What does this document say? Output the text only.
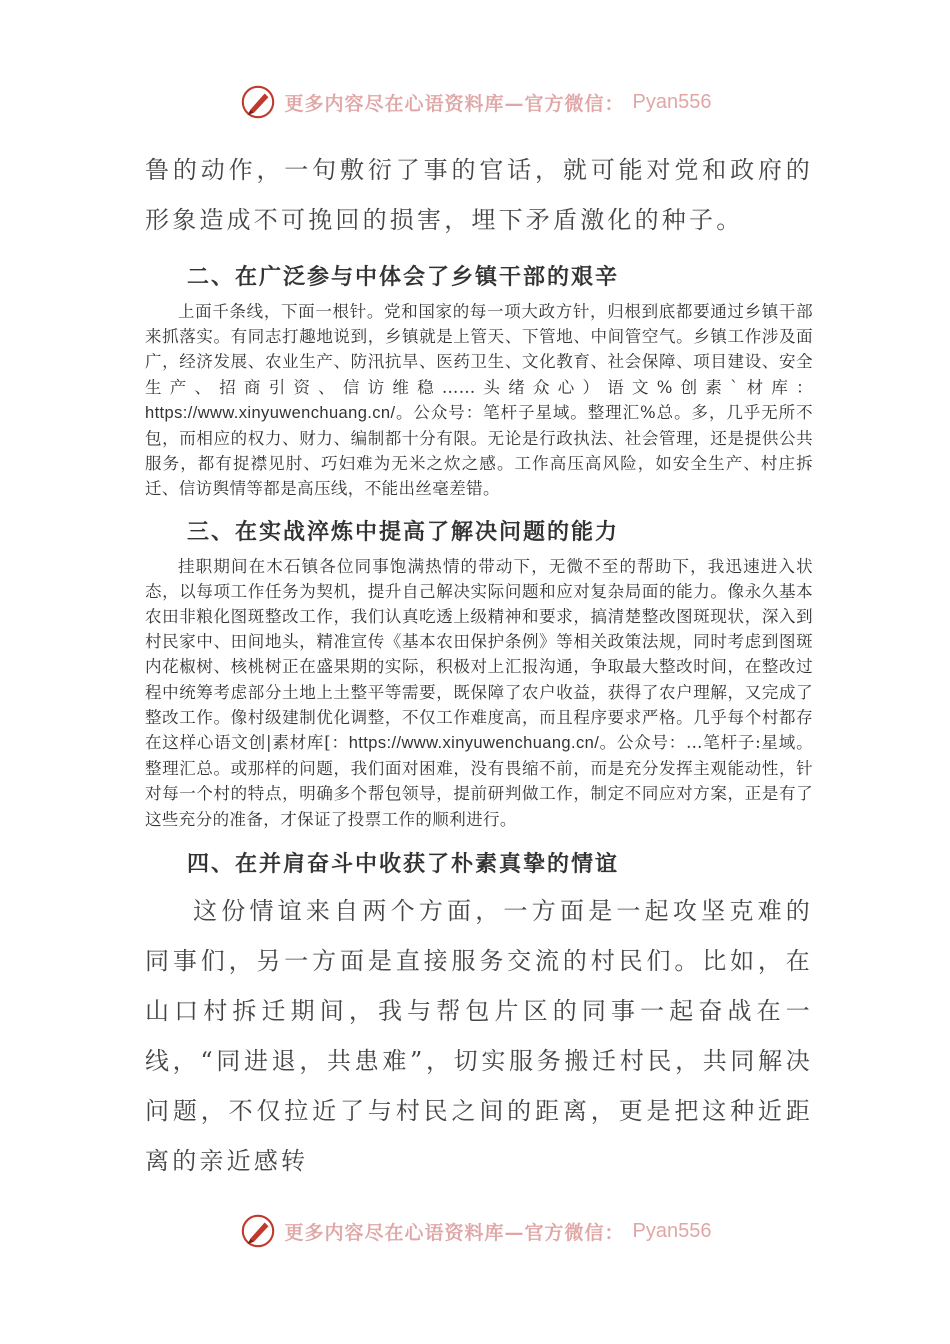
更多内容尽在心语资料库—官方微信： Pyan556

鲁的动作，一句敷衍了事的官话，就可能对党和政府的形象造成不可挽回的损害，埋下矛盾激化的种子。

二、在广泛参与中体会了乡镇干部的艰辛

上面千条线，下面一根针。党和国家的每一项大政方针，归根到底都要通过乡镇干部来抓落实。有同志打趣地说到，乡镇就是上管天、下管地、中间管空气。乡镇工作涉及面广，经济发展、农业生产、防汛抗旱、医药卫生、文化教育、社会保障、项目建设、安全生产、招商引资、信访维稳……头绪众心）语文%创素`材库：https://www.xinyuwenchuang.cn/。公众号：笔杆子星域。整理汇%总。多，几乎无所不包，而相应的权力、财力、编制都十分有限。无论是行政执法、社会管理，还是提供公共服务，都有捉襟见肘、巧妇难为无米之炊之感。工作高压高风险，如安全生产、村庄拆迁、信访舆情等都是高压线，不能出丝毫差错。

三、在实战淬炼中提高了解决问题的能力

挂职期间在木石镇各位同事饱满热情的带动下，无微不至的帮助下，我迅速进入状态，以每项工作任务为契机，提升自己解决实际问题和应对复杂局面的能力。像永久基本农田非粮化图斑整改工作，我们认真吃透上级精神和要求，搞清楚整改图斑现状，深入到村民家中、田间地头，精准宣传《基本农田保护条例》等相关政策法规，同时考虑到图斑内花椒树、核桃树正在盛果期的实际，积极对上汇报沟通，争取最大整改时间，在整改过程中统筹考虑部分土地上土整平等需要，既保障了农户收益，获得了农户理解，又完成了整改工作。像村级建制优化调整，不仅工作难度高，而且程序要求严格。几乎每个村都存在这样心语文创|素材库[：https://www.xinyuwenchuang.cn/。公众号：…笔杆子:星域。整理汇总。或那样的问题，我们面对困难，没有畏缩不前，而是充分发挥主观能动性，针对每一个村的特点，明确多个帮包领导，提前研判做工作，制定不同应对方案，正是有了这些充分的准备，才保证了投票工作的顺利进行。

四、在并肩奋斗中收获了朴素真挚的情谊

这份情谊来自两个方面，一方面是一起攻坚克难的同事们，另一方面是直接服务交流的村民们。比如，在山口村拆迁期间，我与帮包片区的同事一起奋战在一线，“同进退，共患难”，切实服务搬迁村民，共同解决问题，不仅拉近了与村民之间的距离，更是把这种近距离的亲近感转

更多内容尽在心语资料库—官方微信： Pyan556
